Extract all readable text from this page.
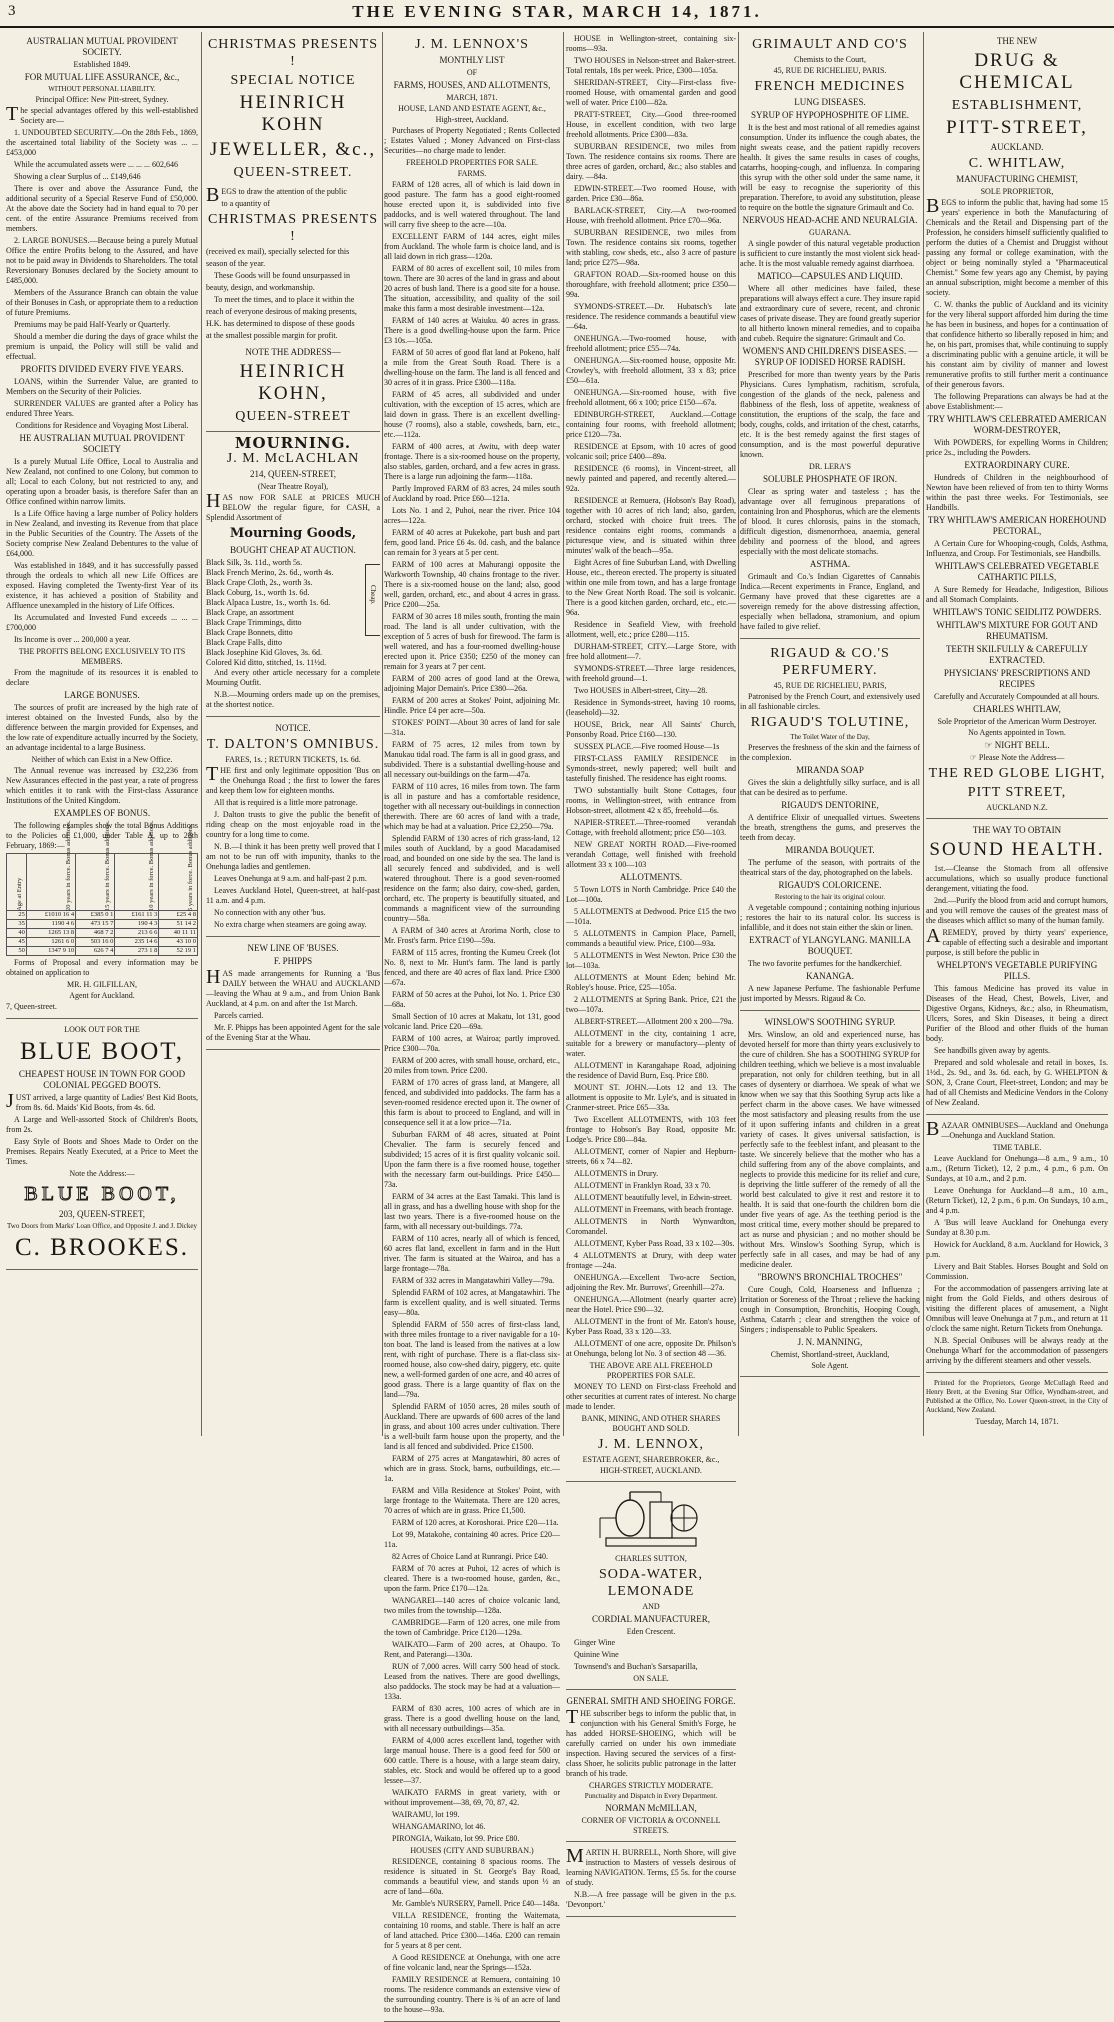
3	THE EVENING STAR, MARCH 14, 1871.
AUSTRALIAN MUTUAL PROVIDENT SOCIETY.
Established 1849.
FOR MUTUAL LIFE ASSURANCE, &c.,
WITHOUT PERSONAL LIABILITY.
Principal Office: New Pitt-street, Sydney.

The special advantages offered by this well-established Society are—

1. UNDOUBTED SECURITY.—On the 28th Feb., 1869, the ascertained total liability of the Society was ... ... £453,000

While the accumulated assets were ... ... ... 602,646

Showing a clear Surplus of ... £149,646

There is over and above the Assurance Fund, the additional security of a Special Reserve Fund of £50,000. At the above date the Society had in hand equal to 70 per cent. of the entire Assurance Premiums received from members.

2. LARGE BONUSES.—Because being a purely Mutual Office the entire Profits belong to the Assured, and have not to be paid away in Dividends to Shareholders. The total Reversionary Bonuses declared by the Society amount to £485,000.

Members of the Assurance Branch can obtain the value of their Bonuses in Cash, or appropriate them to a reduction of future Premiums.

Premiums may be paid Half-Yearly or Quarterly.

Should a member die during the days of grace whilst the premium is unpaid, the Policy will still be valid and effectual.

PROFITS DIVIDED EVERY FIVE YEARS.

LOANS, within the Surrender Value, are granted to Members on the Security of their Policies.

SURRENDER VALUES are granted after a Policy has endured Three Years.

Conditions for Residence and Voyaging Most Liberal.
HE AUSTRALIAN MUTUAL PROVIDENT SOCIETY

Is a purely Mutual Life Office, Local to Australia and New Zealand, not confined to one Colony, but common to all; Local to each Colony, but not restricted to any, and operating upon a broader basis, is therefore Safer than an Office confined within narrow limits.

Is a Life Office having a large number of Policy holders in New Zealand, and investing its Revenue from that place in the Public Securities of the Country. The Assets of the Society comprise New Zealand Debentures to the value of £64,000.

Was established in 1849, and it has successfully passed through the ordeals to which all new Life Offices are exposed. Having completed the Twenty-first Year of its existence, it has achieved a position of Stability and Affluence unexampled in the history of Life Offices.

Its Accumulated and Invested Fund exceeds ... ... ... £700,000

Its Income is over ... 200,000 a year.

THE PROFITS BELONG EXCLUSIVELY TO ITS MEMBERS.

From the magnitude of its resources it is enabled to declare

LARGE BONUSES.

The sources of profit are increased by the high rate of interest obtained on the Invested Funds, also by the difference between the margin provided for Expenses, and the low rate of expenditure actually incurred by the Society, an advantage incidental to a large Business.

Neither of which can Exist in a New Office.

The Annual revenue was increased by £32,236 from New Assurances effected in the past year, a rate of progress which entitles it to rank with the First-class Assurance Institutions of the United Kingdom.

EXAMPLES OF BONUS.

The following examples show the total Bonus Additions to the Policies of £1,000, under Table A, up to 28th February, 1869:—

Age at Entry	20 years in force. Bonus additions.	15 years in force. Bonus additions.	10 years in force. Bonus additions.	5 years in force. Bonus additions.
25	£1010 16 4	£385 0 1	£161 11 3	£25 4 8
35	1190 4 6	473 15 7	190 4 3	51 14 2
40	1265 13 8	468 7 2	213 6 6	40 11 11
45	1261 6 0	503 16 0	235 14 6	43 10 0
50	1347 9 10	626 7 4	273 1 8	52 19 1

Forms of Proposal and every information may be obtained on application to

MR. H. GILFILLAN,
Agent for Auckland.
7, Queen-street.
LOOK OUT FOR THE
BLUE BOOT,
CHEAPEST HOUSE IN TOWN FOR GOOD COLONIAL PEGGED BOOTS.

JUST arrived, a large quantity of Ladies' Best Kid Boots, from 8s. 6d. Maids' Kid Boots, from 4s. 6d.

A Large and Well-assorted Stock of Children's Boots, from 2s.

Easy Style of Boots and Shoes Made to Order on the Premises. Repairs Neatly Executed, at a Price to Meet the Times.

Note the Address:—
BLUE BOOT,
203, QUEEN-STREET,
Two Doors from Marks' Loan Office, and Opposite J. and J. Dickey
C. BROOKES.
CHRISTMAS PRESENTS !
SPECIAL NOTICE
HEINRICH KOHN
JEWELLER, &c.,
QUEEN-STREET.

BEGS to draw the attention of the public

to a quantity of

CHRISTMAS PRESENTS !

(received ex mail), specially selected for this

season of the year.

These Goods will be found unsurpassed in

beauty, design, and workmanship.

To meet the times, and to place it within the

reach of everyone desirous of making presents,

H.K. has determined to dispose of these goods

at the smallest possible margin for profit.

NOTE THE ADDRESS—
HEINRICH KOHN,
QUEEN-STREET
MOURNING.
J. M. McLACHLAN
214, QUEEN-STREET,
(Near Theatre Royal),

HAS now FOR SALE at PRICES MUCH BELOW the regular figure, for CASH, a Splendid Assortment of

Mourning Goods,
BOUGHT CHEAP AT AUCTION.
Black Silk, 3s. 11d., worth 5s.
Black French Merino, 2s. 6d., worth 4s.
Black Crape Cloth, 2s., worth 3s.
Black Coburg, 1s., worth 1s. 6d.
Black Alpaca Lustre, 1s., worth 1s. 6d.
Black Crape, an assortment
Black Crape Trimmings, ditto
Black Crape Bonnets, ditto
Black Crape Falls, ditto
Black Josephine Kid Gloves, 3s. 6d.
Colored Kid ditto, stitched, 1s. 11½d.
Cheap.

And every other article necessary for a complete Mourning Outfit.

N.B.—Mourning orders made up on the premises, at the shortest notice.

NOTICE.
T. DALTON'S OMNIBUS.
FARES, 1s. ; RETURN TICKETS, 1s. 6d.

THE first and only legitimate opposition 'Bus on the Onehunga Road ; the first to lower the fares and keep them low for eighteen months.

All that is required is a little more patronage.

J. Dalton trusts to give the public the benefit of riding cheap on the most enjoyable road in the country for a long time to come.

N. B.—I think it has been pretty well proved that I am not to be run off with impunity, thanks to the Onehunga ladies and gentlemen.

Leaves Onehunga at 9 a.m. and half-past 2 p.m.

Leaves Auckland Hotel, Queen-street, at half-past 11 a.m. and 4 p.m.

No connection with any other 'bus.

No extra charge when steamers are going away.

NEW LINE OF 'BUSES.
F. PHIPPS

HAS made arrangements for Running a 'Bus DAILY between the WHAU and AUCKLAND—leaving the Whau at 9 a.m., and from Union Bank Auckland, at 4 p.m. on and after the 1st March.

Parcels carried.

Mr. F. Phipps has been appointed Agent for the sale of the Evening Star at the Whau.

J. M. LENNOX'S
MONTHLY LIST
OF
FARMS, HOUSES, AND ALLOTMENTS,
MARCH, 1871.
HOUSE, LAND AND ESTATE AGENT, &c.,
High-street, Auckland.

Purchases of Property Negotiated ; Rents Collected ; Estates Valued ; Money Advanced on First-class Securities—no charge made to lender.

FREEHOLD PROPERTIES FOR SALE.
FARMS.

FARM of 128 acres, all of which is laid down in good pasture. The farm has a good eight-roomed house erected upon it, is subdivided into five paddocks, and is well watered throughout. The land will carry five sheep to the acre—10a.

EXCELLENT FARM of 144 acres, eight miles from Auckland. The whole farm is choice land, and is all laid down in rich grass—120a.

FARM of 80 acres of excellent soil, 10 miles from town. There are 30 acres of the land in grass and about 20 acres of bush land. There is a good site for a house. The situation, accessibility, and quality of the soil make this farm a most desirable investment—12a.

FARM of 140 acres at Waiuku. 40 acres in grass. There is a good dwelling-house upon the farm. Price £3 10s.—105a.

FARM of 50 acres of good flat land at Pokeno, half a mile from the Great South Road. There is a dwelling-house on the farm. The land is all fenced and 30 acres of it in grass. Price £300—118a.

FARM of 45 acres, all subdivided and under cultivation, with the exception of 15 acres, which are laid down in grass. There is an excellent dwelling-house (7 rooms), also a stable, cowsheds, barn, etc., etc.—112a.

FARM of 400 acres, at Awitu, with deep water frontage. There is a six-roomed house on the property, also stables, garden, orchard, and a few acres in grass. There is a large run adjoining the farm—118a.

Partly Improved FARM of 83 acres, 24 miles south of Auckland by road. Price £60—121a.

Lots No. 1 and 2, Puhoi, near the river. Price 104 acres—122a.

FARM of 40 acres at Pukekohe, part bush and part fern, good land. Price £6 4s. 0d. cash, and the balance can remain for 3 years at 5 per cent.

FARM of 100 acres at Mahurangi opposite the Warkworth Township, 40 chains frontage to the river. There is a six-roomed house on the land; also, good well, garden, orchard, etc., and about 4 acres in grass. Price £200—25a.

FARM of 30 acres 18 miles south, fronting the main road. The land is all under cultivation, with the exception of 5 acres of bush for firewood. The farm is well watered, and has a four-roomed dwelling-house erected upon it. Price £350; £250 of the money can remain for 3 years at 7 per cent.

FARM of 200 acres of good land at the Orewa, adjoining Major Demain's. Price £380—26a.

FARM of 200 acres at Stokes' Point, adjoining Mr. Hindle. Price £4 per acre—50a.

STOKES' POINT—About 30 acres of land for sale—31a.

FARM of 75 acres, 12 miles from town by Manukau tidal road. The farm is all in good grass, and subdivided. There is a substantial dwelling-house and all necessary out-buildings on the farm—47a.

FARM of 110 acres, 16 miles from town. The farm is all in pasture and has a comfortable residence, together with all necessary out-buildings in connection therewith. There are 60 acres of land with a trade, which may be had at a valuation. Price £2,250—79a.

Splendid FARM of 130 acres of rich grass-land, 12 miles south of Auckland, by a good Macadamised road, and bounded on one side by the sea. The land is all securely fenced and subdivided, and is well watered throughout. There is a good seven-roomed residence on the farm; also dairy, cow-shed, garden, orchard, etc. The property is beautifully situated, and commands a magnificent view of the surrounding country—58a.

A FARM of 340 acres at Arorima North, close to Mr. Frost's farm. Price £190—59a.

FARM of 115 acres, fronting the Kumeu Creek (lot No. 8, next to Mr. Hunt's farm. The land is partly fenced, and there are 40 acres of flax land. Price £300—67a.

FARM of 50 acres at the Puhoi, lot No. 1. Price £30—68a.

Small Section of 10 acres at Makatu, lot 131, good volcanic land. Price £20—69a.

FARM of 100 acres, at Wairoa; partly improved. Price £300—70a.

FARM of 200 acres, with small house, orchard, etc., 20 miles from town. Price £200.

FARM of 170 acres of grass land, at Mangere, all fenced, and subdivided into paddocks. The farm has a seven-roomed residence erected upon it. The owner of this farm is about to proceed to England, and will in consequence sell it at a low price—71a.

Suburban FARM of 48 acres, situated at Point Chevalier. The farm is securely fenced and subdivided; 15 acres of it is first quality volcanic soil. Upon the farm there is a five roomed house, together with the necessary farm out-buildings. Price £450—73a.

FARM of 34 acres at the East Tamaki. This land is all in grass, and has a dwelling house with shop for the last two years. There is a five-roomed house on the farm, with all necessary out-buildings. 77a.

FARM of 110 acres, nearly all of which is fenced, 60 acres flat land, excellent in farm and in the Hutt river. The farm is situated at the Wairoa, and has a large frontage—78a.

FARM of 332 acres in Mangatawhiri Valley—79a.

Splendid FARM of 102 acres, at Mangatawhiri. The farm is excellent quality, and is well situated. Terms easy—80a.

Splendid FARM of 550 acres of first-class land, with three miles frontage to a river navigable for a 10-ton boat. The land is leased from the natives at a low rent, with right of purchase. There is a flat-class six-roomed house, also cow-shed dairy, piggery, etc. quite new, a well-formed garden of one acre, and 40 acres of good grass. There is a large quantity of flax on the land—79a.

Splendid FARM of 1050 acres, 28 miles south of Auckland. There are upwards of 600 acres of the land in grass, and about 100 acres under cultivation. There is a well-built farm house upon the property, and the land is all fenced and subdivided. Price £1500.

FARM of 275 acres at Mangatawhiri, 80 acres of which are in grass. Stock, barns, outbuildings, etc.—1a.

FARM and Villa Residence at Stokes' Point, with large frontage to the Waitemata. There are 120 acres, 70 acres of which are in grass. Price £1,500.

FARM of 120 acres, at Koroshorai. Price £20—11a.

Lot 99, Matakohe, containing 40 acres. Price £20—11a.

82 Acres of Choice Land at Runrangi. Price £40.

FARM of 70 acres at Puhoi, 12 acres of which is cleared. There is a two-roomed house, garden, &c., upon the farm. Price £170—12a.

WANGAREI—140 acres of choice volcanic land, two miles from the township—128a.

CAMBRIDGE—Farm of 120 acres, one mile from the town of Cambridge. Price £120—129a.

WAIKATO—Farm of 200 acres, at Ohaupo. To Rent, and Paterangi—130a.

RUN of 7,000 acres. Will carry 500 head of stock. Leased from the natives. There are good dwellings, also paddocks. The stock may be had at a valuation—133a.

FARM of 830 acres, 100 acres of which are in grass. There is a good dwelling house on the land, with all necessary outbuildings—35a.

FARM of 4,000 acres excellent land, together with large manual house. There is a good feed for 500 or 600 cattle. There is a house, with a large steam dairy, stables, etc. Stock and would be offered up to a good lessee—37.

WAIKATO FARMS in great variety, with or without improvement—38, 69, 70, 87, 42.

WAIRAMU, lot 199.

WHANGAMARINO, lot 46.

PIRONGIA, Waikato, lot 99. Price £80.

HOUSES (CITY AND SUBURBAN.)

RESIDENCE, containing 8 spacious rooms. The residence is situated in St. George's Bay Road, commands a beautiful view, and stands upon ½ an acre of land—60a.

Mr. Gamble's NURSERY, Parnell. Price £40—148a.

VILLA RESIDENCE, fronting the Waitemata, containing 10 rooms, and stable. There is half an acre of land attached. Price £300—146a. £200 can remain for 5 years at 8 per cent.

A Good RESIDENCE at Onehunga, with one acre of fine volcanic land, near the Springs—152a.

FAMILY RESIDENCE at Remuera, containing 10 rooms. The residence commands an extensive view of the surrounding country. There is ¾ of an acre of land to the house—93a.

HOUSE in Wellington-street, containing six-rooms—93a.

TWO HOUSES in Nelson-street and Baker-street. Total rentals, 18s per week. Price, £300—105a.

SHERIDAN-STREET, City—First-class five-roomed House, with ornamental garden and good well of water. Price £100—82a.

PRATT-STREET, City.—Good three-roomed House, in excellent condition, with two large freehold allotments. Price £300—83a.

SUBURBAN RESIDENCE, two miles from Town. The residence contains six rooms. There are three acres of garden, orchard, &c.; also stables and dairy. —84a.

EDWIN-STREET.—Two roomed House, with garden. Price £30—86a.

BARLACK-STREET, City.—A two-roomed House, with freehold allotment. Price £70—96a.

SUBURBAN RESIDENCE, two miles from Town. The residence contains six rooms, together with stabling, cow sheds, etc., also 3 acre of pasture land; price £275—98a.

GRAFTON ROAD.—Six-roomed house on this thoroughfare, with freehold allotment; price £350—99a.

SYMONDS-STREET.—Dr. Hubatsch's late residence. The residence commands a beautiful view—64a.

ONEHUNGA.—Two-roomed house, with freehold allotment; price £55—74a.

ONEHUNGA.—Six-roomed house, opposite Mr. Crowley's, with freehold allotment, 33 x 83; price £50—61a.

ONEHUNGA.—Six-roomed house, with five freehold allotment, 66 x 100; price £150—67a.

EDINBURGH-STREET, Auckland.—Cottage containing four rooms, with freehold allotment; price £120—73a.

RESIDENCE at Epsom, with 10 acres of good volcanic soil; price £400—89a.

RESIDENCE (6 rooms), in Vincent-street, all newly painted and papered, and recently altered.—92a.

RESIDENCE at Remuera, (Hobson's Bay Road), together with 10 acres of rich land; also, garden, orchard, stocked with choice fruit trees. The residence contains eight rooms, commands a picturesque view, and is situated within three minutes' walk of the beach—95a.

Eight Acres of fine Suburban Land, with Dwelling House, etc., thereon erected. The property is situated within one mile from town, and has a large frontage to the New Great North Road. The soil is volcanic. There is a good kitchen garden, orchard, etc., etc.—96a.

Residence in Seafield View, with freehold allotment, well, etc.; price £280—115.

DURHAM-STREET, CITY.—Large Store, with free hold allotment—7.

SYMONDS-STREET.—Three large residences, with freehold ground—1.

Two HOUSES in Albert-street, City—28.

Residence in Symonds-street, having 10 rooms, (leasehold)—32.

HOUSE, Brick, near All Saints' Church, Ponsonby Road. Price £160—130.

SUSSEX PLACE.—Five roomed House—1s

FIRST-CLASS FAMILY RESIDENCE in Symonds-street, newly papered; well built and tastefully finished. The residence has eight rooms.

TWO substantially built Stone Cottages, four rooms, in Wellington-street, with entrance from Hobson-street, allotment 42 x 85, freehold—6s.

NAPIER-STREET.—Three-roomed verandah Cottage, with freehold allotment; price £50—103.

NEW GREAT NORTH ROAD.—Five-roomed verandah Cottage, well finished with freehold allotment 33 x 100—103

ALLOTMENTS.

5 Town LOTS in North Cambridge. Price £40 the Lot—100a.

5 ALLOTMENTS at Dedwood. Price £15 the two—101a.

5 ALLOTMENTS in Campion Place, Parnell, commands a beautiful view. Price, £100—93a.

5 ALLOTMENTS in West Newton. Price £30 the lot—103a.

ALLOTMENTS at Mount Eden; behind Mr. Robley's house. Price, £25—105a.

2 ALLOTMENTS at Spring Bank. Price, £21 the two—107a.

ALBERT-STREET.—Allotment 200 x 200—79a.

ALLOTMENT in the city, containing 1 acre, suitable for a brewery or manufactory—plenty of water.

ALLOTMENT in Karangahape Road, adjoining the residence of David Burn, Esq. Price £80.

MOUNT ST. JOHN.—Lots 12 and 13. The allotment is opposite to Mr. Lyle's, and is situated in Cranmer-street. Price £65—33a.

Two Excellent ALLOTMENTS, with 103 feet frontage to Hobson's Bay Road, opposite Mr. Lodge's. Price £80—84a.

ALLOTMENT, corner of Napier and Hepburn-streets, 66 x 74—82.

ALLOTMENTS in Drury.

ALLOTMENT in Franklyn Road, 33 x 70.

ALLOTMENT beautifully level, in Edwin-street.

ALLOTMENT in Freemans, with beach frontage.

ALLOTMENTS in North Wynwardton, Coromandel.

ALLOTMENT, Kyber Pass Road, 33 x 102—30s.

4 ALLOTMENTS at Drury, with deep water frontage —24a.

ONEHUNGA.—Excellent Two-acre Section, adjoining the Rev. Mr. Burrows', Greenhill—27a.

ONEHUNGA.—Allotment (nearly quarter acre) near the Hotel. Price £90—32.

ALLOTMENT in the front of Mr. Eaton's house, Kyber Pass Road, 33 x 120—33.

ALLOTMENT of one acre, opposite Dr. Philson's at Onehunga, belong lot No. 3 of section 48 —36.

THE ABOVE ARE ALL FREEHOLD PROPERTIES FOR SALE.

MONEY TO LEND on First-class Freehold and other securities at current rates of interest. No charge made to lender.

BANK, MINING, AND OTHER SHARES BOUGHT AND SOLD.
J. M. LENNOX,
ESTATE AGENT, SHAREBROKER, &c.,
HIGH-STREET, AUCKLAND.
CHARLES SUTTON,
SODA-WATER, LEMONADE
AND
CORDIAL MANUFACTURER,
Eden Crescent.
Ginger Wine
Quinine Wine
Townsend's and Buchan's Sarsaparilla,
ON SALE.
GENERAL SMITH AND SHOEING FORGE.

THE subscriber begs to inform the public that, in conjunction with his General Smith's Forge, he has added HORSE-SHOEING, which will be carefully carried on under his own immediate inspection. Having secured the services of a first-class Shoer, he solicits public patronage in the latter branch of his trade.

CHARGES STRICTLY MODERATE.
Punctuality and Dispatch in Every Department.
NORMAN McMILLAN,
CORNER OF VICTORIA & O'CONNELL STREETS.

MARTIN H. BURRELL, North Shore, will give instruction to Masters of vessels desirous of learning NAVIGATION. Terms, £5 5s. for the course of study.

N.B.—A free passage will be given in the p.s. 'Devonport.'

GRIMAULT AND CO'S
Chemists to the Court,
45, RUE DE RICHELIEU, PARIS.
FRENCH MEDICINES
LUNG DISEASES.
SYRUP OF HYPOPHOSPHITE OF LIME.

It is the best and most rational of all remedies against consumption. Under its influence the cough abates, the night sweats cease, and the patient rapidly recovers health. It gives the same results in cases of coughs, catarrhs, hooping-cough, and influenza. In comparing this syrup with the other sold under the same name, it will be easy to recognise the superiority of this preparation. Therefore, to avoid any substitution, please to require on the bottle the signature Grimault and Co.

NERVOUS HEAD-ACHE AND NEURALGIA.
GUARANA.

A single powder of this natural vegetable production is sufficient to cure instantly the most violent sick head-ache. It is the most valuable remedy against diarrhoea.

MATICO—CAPSULES AND LIQUID.

Where all other medicines have failed, these preparations will always effect a cure. They insure rapid and extraordinary cure of severe, recent, and chronic cases of private disease. They are found greatly superior to all hitherto known mineral remedies, and to copaiba and cubeb. Require the signature: Grimault and Co.

WOMEN'S AND CHILDREN'S DISEASES. —SYRUP OF IODISED HORSE RADISH.

Prescribed for more than twenty years by the Paris Physicians. Cures lymphatism, rachitism, scrofula, congestion of the glands of the neck, paleness and flabbiness of the flesh, loss of appetite, weakness of constitution, the eruptions of the scalp, the face and body, coughs, colds, and irritation of the chest, catarrhs, etc. It is the best remedy against the first stages of consumption, and is the most powerful depurative known.

DR. LERA'S
SOLUBLE PHOSPHATE OF IRON.

Clear as spring water and tasteless ; has the advantage over all ferruginous preparations of containing Iron and Phosphorus, which are the elements of blood. It cures chlorosis, pains in the stomach, difficult digestion, dismenorrhoea, anaemia, general debility and poorness of the blood, and agrees especially with the most delicate stomachs.

ASTHMA.

Grimault and Co.'s Indian Cigarettes of Cannabis Indica.—Recent experiments in France, England, and Germany have proved that these cigarettes are a sovereign remedy for the above distressing affection, especially when belladona, stramonium, and opium have failed to give relief.

RIGAUD & CO.'S PERFUMERY.
45, RUE DE RICHELIEU, PARIS,

Patronised by the French Court, and extensively used in all fashionable circles.

RIGAUD'S TOLUTINE,
The Toilet Water of the Day,

Preserves the freshness of the skin and the fairness of the complexion.

MIRANDA SOAP

Gives the skin a delightfully silky surface, and is all that can be desired as to perfume.

RIGAUD'S DENTORINE,

A dentifrice Elixir of unequalled virtues. Sweetens the breath, strengthens the gums, and preserves the teeth from decay.

MIRANDA BOUQUET.

The perfume of the season, with portraits of the theatrical stars of the day, photographed on the labels.

RIGAUD'S COLORICENE.
Restoring to the hair its original colour.

A vegetable compound ; containing nothing injurious ; restores the hair to its natural color. Its success is infallible, and it does not stain either the skin or linen.

EXTRACT of YLANGYLANG. MANILLA BOUQUET.

The two favorite perfumes for the handkerchief.

KANANGA.

A new Japanese Perfume. The fashionable Perfume just imported by Messrs. Rigaud & Co.

WINSLOW'S SOOTHING SYRUP.

Mrs. Winslow, an old and experienced nurse, has devoted herself for more than thirty years exclusively to the cure of children. She has a SOOTHING SYRUP for children teething, which we believe is a most invaluable preparation, not only for children teething, but in all cases of dysentery or diarrhoea. We speak of what we know when we say that this Soothing Syrup acts like a perfect charm in the above cases. We have witnessed the most satisfactory and pleasing results from the use of it upon suffering infants and children in a great variety of cases. It gives universal satisfaction, is perfectly safe to the feeblest infant, and pleasant to the taste. We sincerely believe that the mother who has a child suffering from any of the above complaints, and neglects to provide this medicine for its relief and cure, is depriving the little sufferer of the remedy of all the world best calculated to give it rest and restore it to health. It is said that one-fourth the children born die under five years of age. As the teething period is the most critical time, every mother should be prepared to act as nurse and physician ; and no mother should be without Mrs. Winslow's Soothing Syrup, which is perfectly safe in all cases, and may be had of any medicine dealer.

"BROWN'S BRONCHIAL TROCHES"

Cure Cough, Cold, Hoarseness and Influenza ; Irritation or Soreness of the Throat ; relieve the hacking cough in Consumption, Bronchitis, Hooping Cough, Asthma, Catarrh ; clear and strengthen the voice of Singers ; indispensable to Public Speakers.

J. N. MANNING,
Chemist, Shortland-street, Auckland,
Sole Agent.
THE NEW
DRUG & CHEMICAL
ESTABLISHMENT,
PITT-STREET,
AUCKLAND.
C. WHITLAW,
MANUFACTURING CHEMIST,
SOLE PROPRIETOR,

BEGS to inform the public that, having had some 15 years' experience in both the Manufacturing of Chemicals and the Retail and Dispensing part of the Profession, he considers himself sufficiently qualified to perform the duties of a Chemist and Druggist without passing any formal or college examination, with the object or being nominally styled a "Pharmaceutical Chemist." Some few years ago any Chemist, by paying an annual subscription, might become a member of this society.

C. W. thanks the public of Auckland and its vicinity for the very liberal support afforded him during the time he has been in business, and hopes for a continuation of that confidence hitherto so liberally reposed in him; and he, on his part, promises that, while continuing to supply a discriminating public with a genuine article, it will be his constant aim by civility of manner and lowest remunerative profits to still further merit a continuance of their generous favors.

The following Preparations can always be had at the above Establishment:—

TRY WHITLAW'S CELEBRATED AMERICAN WORM-DESTROYER,

With POWDERS, for expelling Worms in Children; price 2s., including the Powders.

EXTRAORDINARY CURE.

Hundreds of Children in the neighbourhood of Newton have been relieved of from ten to thirty Worms within the past three weeks. For Testimonials, see Handbills.

TRY WHITLAW'S AMERICAN HOREHOUND PECTORAL,

A Certain Cure for Whooping-cough, Colds, Asthma, Influenza, and Croup. For Testimonials, see Handbills.

WHITLAW'S CELEBRATED VEGETABLE CATHARTIC PILLS,

A Sure Remedy for Headache, Indigestion, Bilious and all Stomach Complaints.

WHITLAW'S TONIC SEIDLITZ POWDERS.
WHITLAW'S MIXTURE FOR GOUT AND RHEUMATISM.
TEETH SKILFULLY & CAREFULLY EXTRACTED.
PHYSICIANS' PRESCRIPTIONS AND RECIPES

Carefully and Accurately Compounded at all hours.

CHARLES WHITLAW,
Sole Proprietor of the American Worm Destroyer.
No Agents appointed in Town.
☞ NIGHT BELL.
☞ Please Note the Address—
THE RED GLOBE LIGHT,
PITT STREET,
AUCKLAND N.Z.
THE WAY TO OBTAIN
SOUND HEALTH.

1st.—Cleanse the Stomach from all offensive accumulations, which so usually produce functional derangement, vitiating the food.

2nd.—Purify the blood from acid and corrupt humors, and you will remove the causes of the greatest mass of the diseases which afflict so many of the human family.

AREMEDY, proved by thirty years' experience, capable of effecting such a desirable and important purpose, is still before the public in

WHELPTON'S VEGETABLE PURIFYING PILLS.

This famous Medicine has proved its value in Diseases of the Head, Chest, Bowels, Liver, and Digestive Organs, Kidneys, &c.; also, in Rheumatism, Ulcers, Sores, and Skin Diseases, it being a direct Purifier of the Blood and other fluids of the human body.

See handbills given away by agents.

Prepared and sold wholesale and retail in boxes, 1s. 1½d., 2s. 9d., and 3s. 6d. each, by G. WHELPTON & SON, 3, Crane Court, Fleet-street, London; and may be had of all Chemists and Medicine Vendors in the Colony of New Zealand.

BAZAAR OMNIBUSES—Auckland and Onehunga—Onehunga and Auckland Station.

TIME TABLE.

Leave Auckland for Onehunga—8 a.m., 9 a.m., 10 a.m., (Return Ticket), 12, 2 p.m., 4 p.m., 6 p.m. On Sundays, at 10 a.m., and 2 p.m.

Leave Onehunga for Auckland—8 a.m., 10 a.m., (Return Ticket), 12, 2 p.m., 6 p.m. On Sundays, 10 a.m., and 4 p.m.

A 'Bus will leave Auckland for Onehunga every Sunday at 8.30 p.m.

Howick for Auckland, 8 a.m. Auckland for Howick, 3 p.m.

Livery and Bait Stables. Horses Bought and Sold on Commission.

For the accommodation of passengers arriving late at night from the Gold Fields, and others desirous of visiting the different places of amusement, a Night Omnibus will leave Onehunga at 7 p.m., and return at 11 o'clock the same night. Return Tickets from Onehunga.

N.B. Special Onibuses will be always ready at the Onehunga Wharf for the accommodation of passengers arriving by the different steamers and other vessels.

Printed for the Proprietors, George McCullagh Reed and Henry Brett, at the Evening Star Office, Wyndham-street, and Published at the Office, No. Lower Queen-street, in the City of Auckland, New Zealand.

Tuesday, March 14, 1871.
